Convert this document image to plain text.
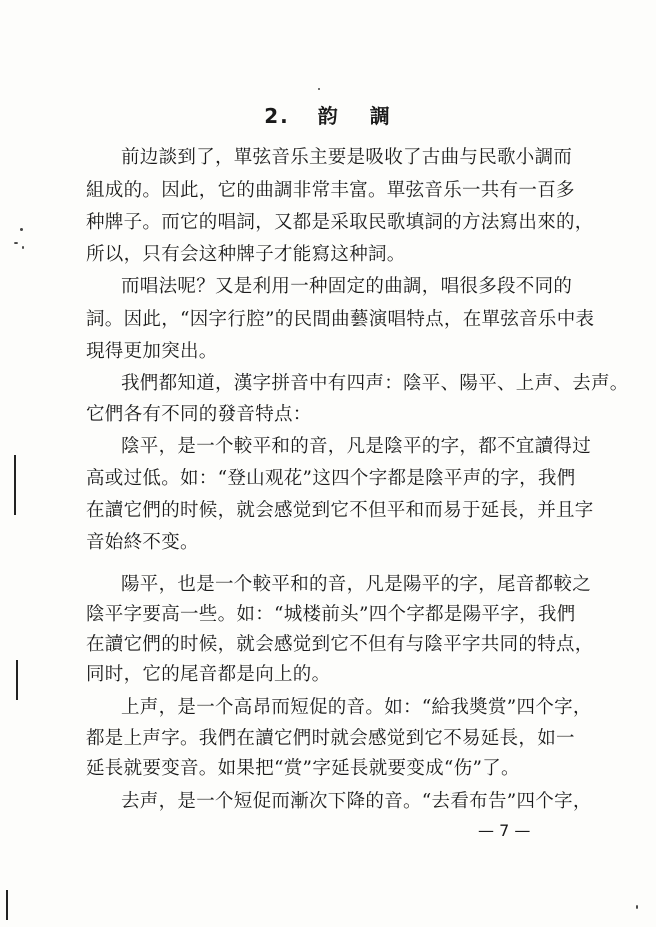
2. 韵 調
前边談到了，單弦音乐主要是吸收了古曲与民歌小調而
組成的。因此，它的曲調非常丰富。單弦音乐一共有一百多
种牌子。而它的唱詞，又都是采取民歌填詞的方法寫出來的，
所以，只有会这种牌子才能寫这种詞。
而唱法呢？又是利用一种固定的曲調，唱很多段不同的
詞。因此，“因字行腔”的民間曲藝演唱特点，在單弦音乐中表
現得更加突出。
我們都知道，漢字拼音中有四声：陰平、陽平、上声、去声。
它們各有不同的發音特点：
陰平，是一个較平和的音，凡是陰平的字，都不宜讀得过
高或过低。如：“登山观花”这四个字都是陰平声的字，我們
在讀它們的时候，就会感觉到它不但平和而易于延長，并且字
音始終不变。
陽平，也是一个較平和的音，凡是陽平的字，尾音都較之
陰平字要高一些。如：“城楼前头”四个字都是陽平字，我們
在讀它們的时候，就会感觉到它不但有与陰平字共同的特点，
同时，它的尾音都是向上的。
上声，是一个高昂而短促的音。如：“給我奬赏”四个字，
都是上声字。我們在讀它們时就会感觉到它不易延長，如一
延長就要变音。如果把“赏”字延長就要变成“伤”了。
去声，是一个短促而漸次下降的音。“去看布告”四个字，
— 7 —
